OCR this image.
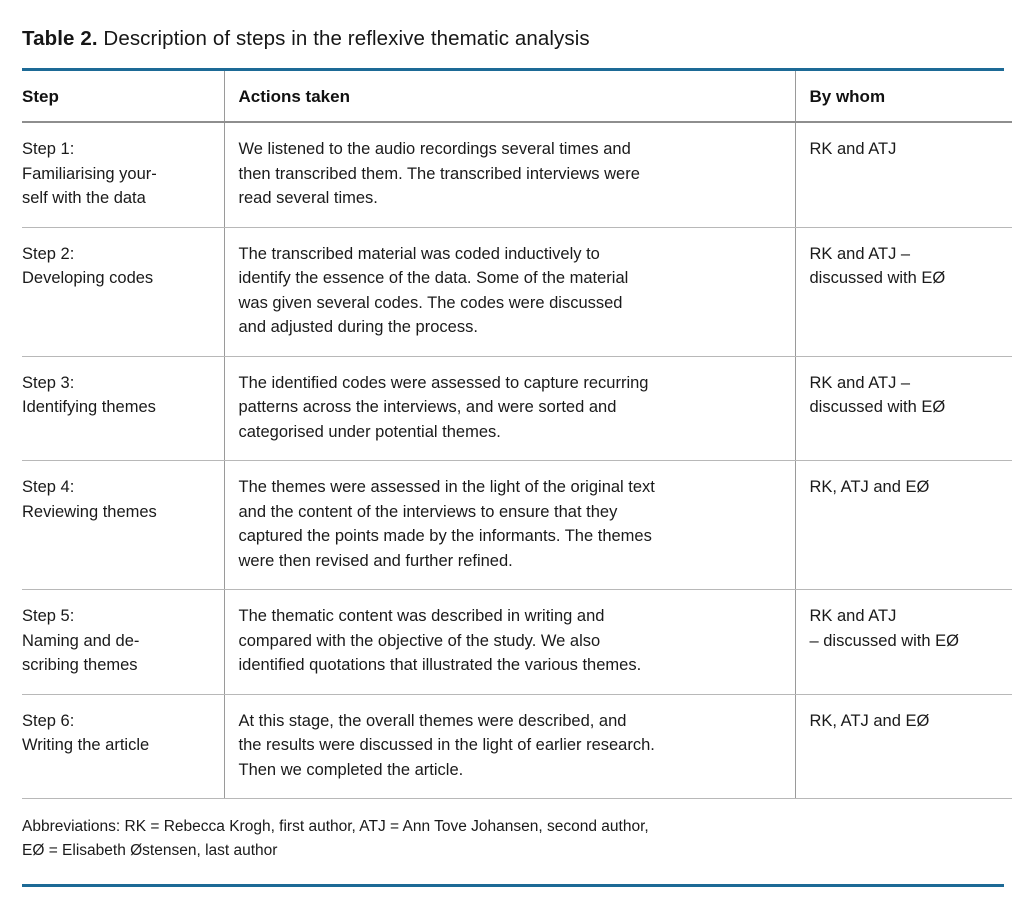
Table 2. Description of steps in the reflexive thematic analysis
Step	Actions taken	By whom

Step 1:
Familiarising your-
self with the data	We listened to the audio recordings several times and
then transcribed them. The transcribed interviews were
read several times.	RK and ATJ

Step 2:
Developing codes	The transcribed material was coded inductively to
identify the essence of the data. Some of the material
was given several codes. The codes were discussed
and adjusted during the process.	RK and ATJ –
discussed with EØ

Step 3:
Identifying themes	The identified codes were assessed to capture recurring
patterns across the interviews, and were sorted and
categorised under potential themes.	RK and ATJ –
discussed with EØ

Step 4:
Reviewing themes	The themes were assessed in the light of the original text
and the content of the interviews to ensure that they
captured the points made by the informants. The themes
were then revised and further refined.	RK, ATJ and EØ

Step 5:
Naming and de-
scribing themes	The thematic content was described in writing and
compared with the objective of the study. We also
identified quotations that illustrated the various themes.	RK and ATJ
– discussed with EØ

Step 6:
Writing the article	At this stage, the overall themes were described, and
the results were discussed in the light of earlier research.
Then we completed the article.	RK, ATJ and EØ
Abbreviations: RK = Rebecca Krogh, first author, ATJ = Ann Tove Johansen, second author,
EØ = Elisabeth Østensen, last author
